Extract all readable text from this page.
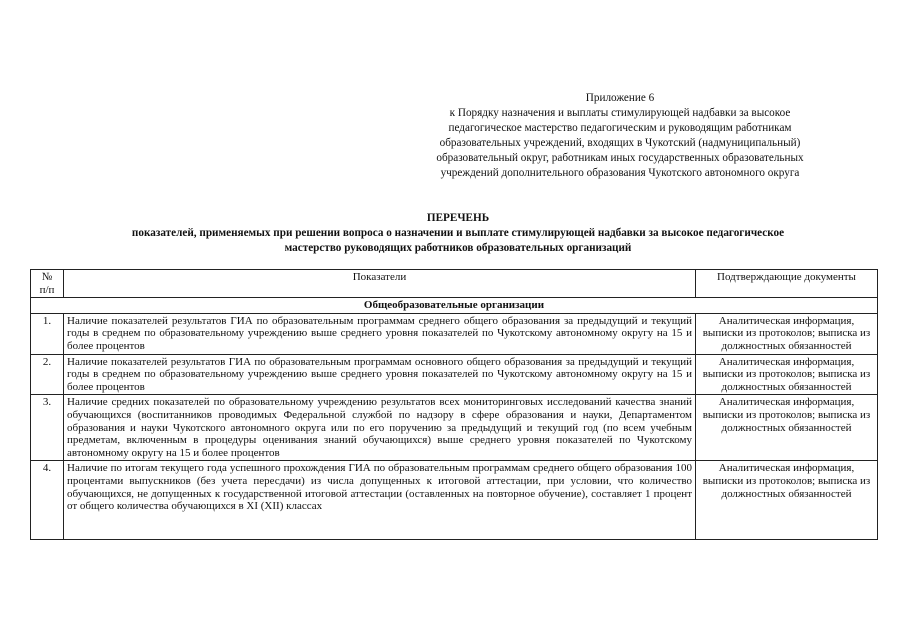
Приложение 6
к Порядку назначения и выплаты стимулирующей надбавки за высокое
педагогическое мастерство педагогическим и руководящим работникам
образовательных учреждений, входящих в Чукотский (надмуниципальный)
образовательный округ, работникам иных государственных образовательных
учреждений дополнительного образования Чукотского автономного округа
ПЕРЕЧЕНЬ
показателей, применяемых при решении вопроса о назначении и выплате стимулирующей надбавки за высокое педагогическое
мастерство руководящих работников образовательных организаций
№
п/п	Показатели	Подтверждающие документы
Общеобразовательные организации		
1.	Наличие показателей результатов ГИА по образовательным программам среднего общего образования за предыдущий и текущий годы в среднем по образовательному учреждению выше среднего уровня показателей по Чукотскому автономному округу на 15 и более процентов	Аналитическая информация, выписки из протоколов; выписка из должностных обязанностей
2.	Наличие показателей результатов ГИА по образовательным программам основного общего образования за предыдущий и текущий годы в среднем по образовательному учреждению выше среднего уровня показателей по Чукотскому автономному округу на 15 и более процентов	Аналитическая информация, выписки из протоколов; выписка из должностных обязанностей
3.	Наличие средних показателей по образовательному учреждению результатов всех мониторинговых исследований качества знаний обучающихся (воспитанников проводимых Федеральной службой по надзору в сфере образования и науки, Департаментом образования и науки Чукотского автономного округа или по его поручению за предыдущий и текущий год (по всем учебным предметам, включенным в процедуры оценивания знаний обучающихся) выше среднего уровня показателей по Чукотскому автономному округу на 15 и более процентов	Аналитическая информация, выписки из протоколов; выписка из должностных обязанностей
4.	Наличие по итогам текущего года успешного прохождения ГИА по образовательным программам среднего общего образования 100 процентами выпускников (без учета пересдачи) из числа допущенных к итоговой аттестации, при условии, что количество обучающихся, не допущенных к государственной итоговой аттестации (оставленных на повторное обучение), составляет 1 процент от общего количества обучающихся в XI (XII) классах	Аналитическая информация, выписки из протоколов; выписка из должностных обязанностей
